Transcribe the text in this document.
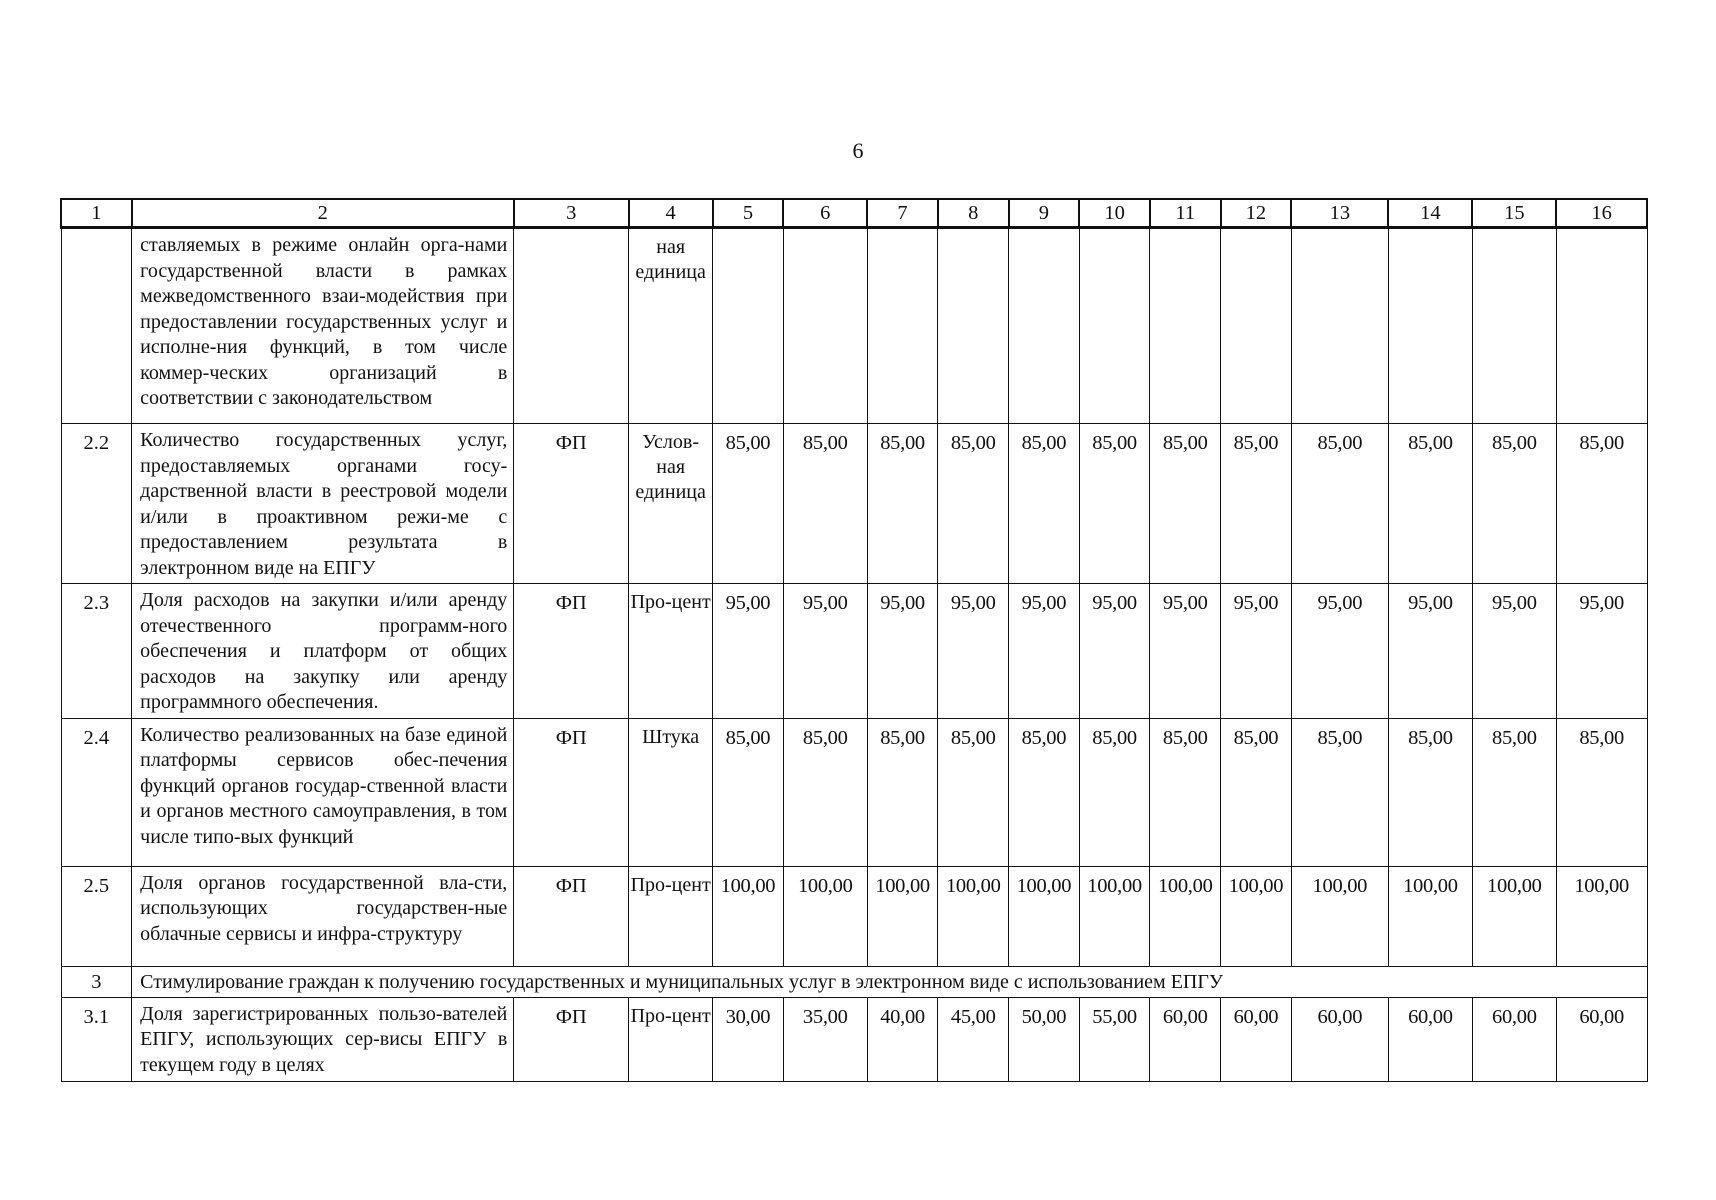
6
1	2	3	4	5	6	7	8	9	10	11	12	13	14	15	16
	ставляемых в режиме онлайн орга-нами государственной власти в рамках межведомственного взаи-модействия при предоставлении государственных услуг и исполне-ния функций, в том числе коммер-ческих организаций в соответствии с законодательством		ная единица												
2.2	Количество государственных услуг, предоставляемых органами госу-дарственной власти в реестровой модели и/или в проактивном режи-ме с предоставлением результата в электронном виде на ЕПГУ	ФП	Услов-ная единица	85,00	85,00	85,00	85,00	85,00	85,00	85,00	85,00	85,00	85,00	85,00	85,00
2.3	Доля расходов на закупки и/или аренду отечественного программ-ного обеспечения и платформ от общих расходов на закупку или аренду программного обеспечения.	ФП	Про-цент	95,00	95,00	95,00	95,00	95,00	95,00	95,00	95,00	95,00	95,00	95,00	95,00
2.4	Количество реализованных на базе единой платформы сервисов обес-печения функций органов государ-ственной власти и органов местного самоуправления, в том числе типо-вых функций	ФП	Штука	85,00	85,00	85,00	85,00	85,00	85,00	85,00	85,00	85,00	85,00	85,00	85,00
2.5	Доля органов государственной вла-сти, использующих государствен-ные облачные сервисы и инфра-структуру	ФП	Про-цент	100,00	100,00	100,00	100,00	100,00	100,00	100,00	100,00	100,00	100,00	100,00	100,00
3	Стимулирование граждан к получению государственных и муниципальных услуг в электронном виде с использованием ЕПГУ														
3.1	Доля зарегистрированных пользо-вателей ЕПГУ, использующих сер-висы ЕПГУ в текущем году в целях	ФП	Про-цент	30,00	35,00	40,00	45,00	50,00	55,00	60,00	60,00	60,00	60,00	60,00	60,00
